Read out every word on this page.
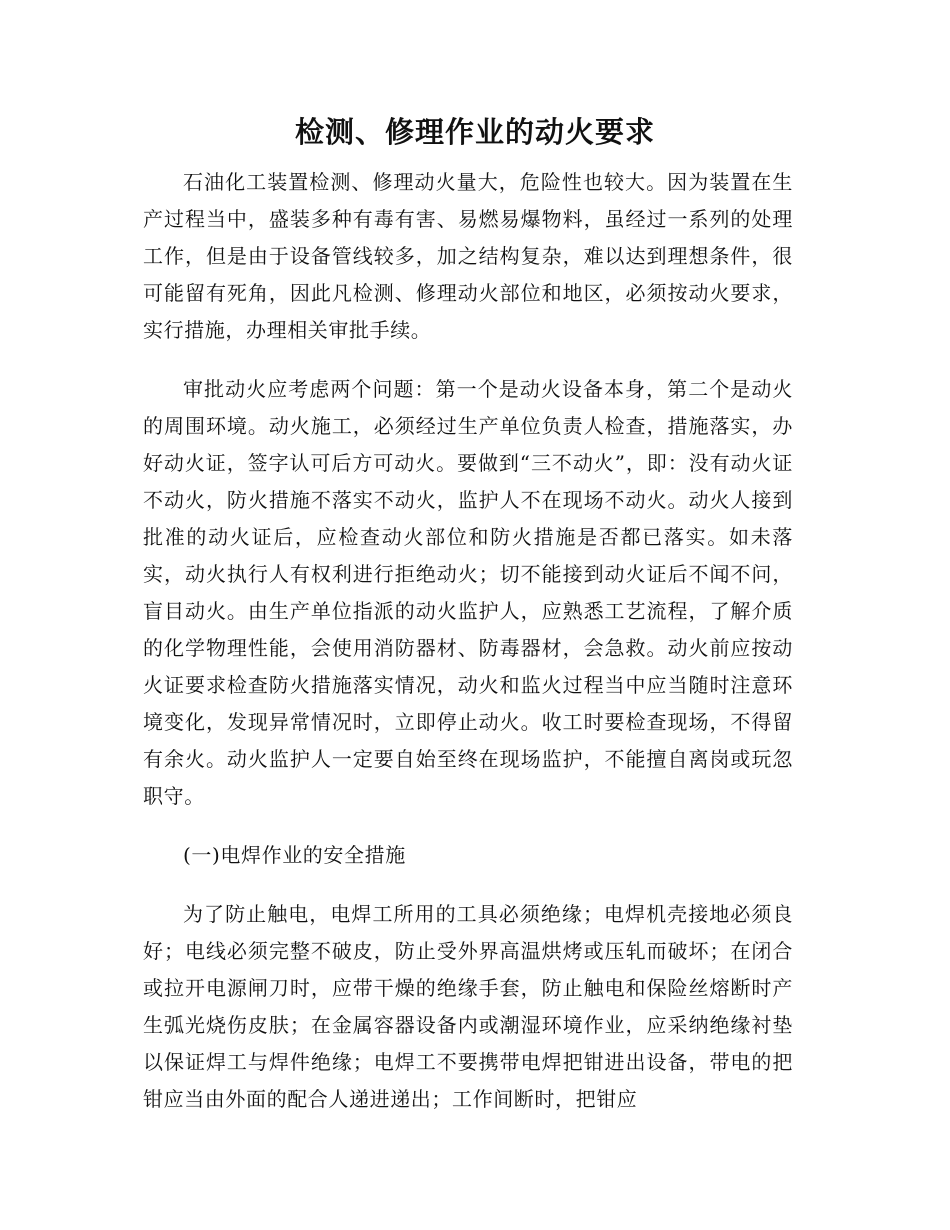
检测、修理作业的动火要求

石油化工装置检测、修理动火量大，危险性也较大。因为装置在生产过程当中，盛装多种有毒有害、易燃易爆物料，虽经过一系列的处理工作，但是由于设备管线较多，加之结构复杂，难以达到理想条件，很可能留有死角，因此凡检测、修理动火部位和地区，必须按动火要求，实行措施，办理相关审批手续。

审批动火应考虑两个问题：第一个是动火设备本身，第二个是动火的周围环境。动火施工，必须经过生产单位负责人检查，措施落实，办好动火证，签字认可后方可动火。要做到“三不动火”，即：没有动火证不动火，防火措施不落实不动火，监护人不在现场不动火。动火人接到批准的动火证后，应检查动火部位和防火措施是否都已落实。如未落实，动火执行人有权利进行拒绝动火；切不能接到动火证后不闻不问，盲目动火。由生产单位指派的动火监护人，应熟悉工艺流程，了解介质的化学物理性能，会使用消防器材、防毒器材，会急救。动火前应按动火证要求检查防火措施落实情况，动火和监火过程当中应当随时注意环境变化，发现异常情况时，立即停止动火。收工时要检查现场，不得留有余火。动火监护人一定要自始至终在现场监护，不能擅自离岗或玩忽职守。

(一)电焊作业的安全措施

为了防止触电，电焊工所用的工具必须绝缘；电焊机壳接地必须良好；电线必须完整不破皮，防止受外界高温烘烤或压轧而破坏；在闭合或拉开电源闸刀时，应带干燥的绝缘手套，防止触电和保险丝熔断时产生弧光烧伤皮肤；在金属容器设备内或潮湿环境作业，应采纳绝缘衬垫以保证焊工与焊件绝缘；电焊工不要携带电焊把钳进出设备，带电的把钳应当由外面的配合人递进递出；工作间断时，把钳应
